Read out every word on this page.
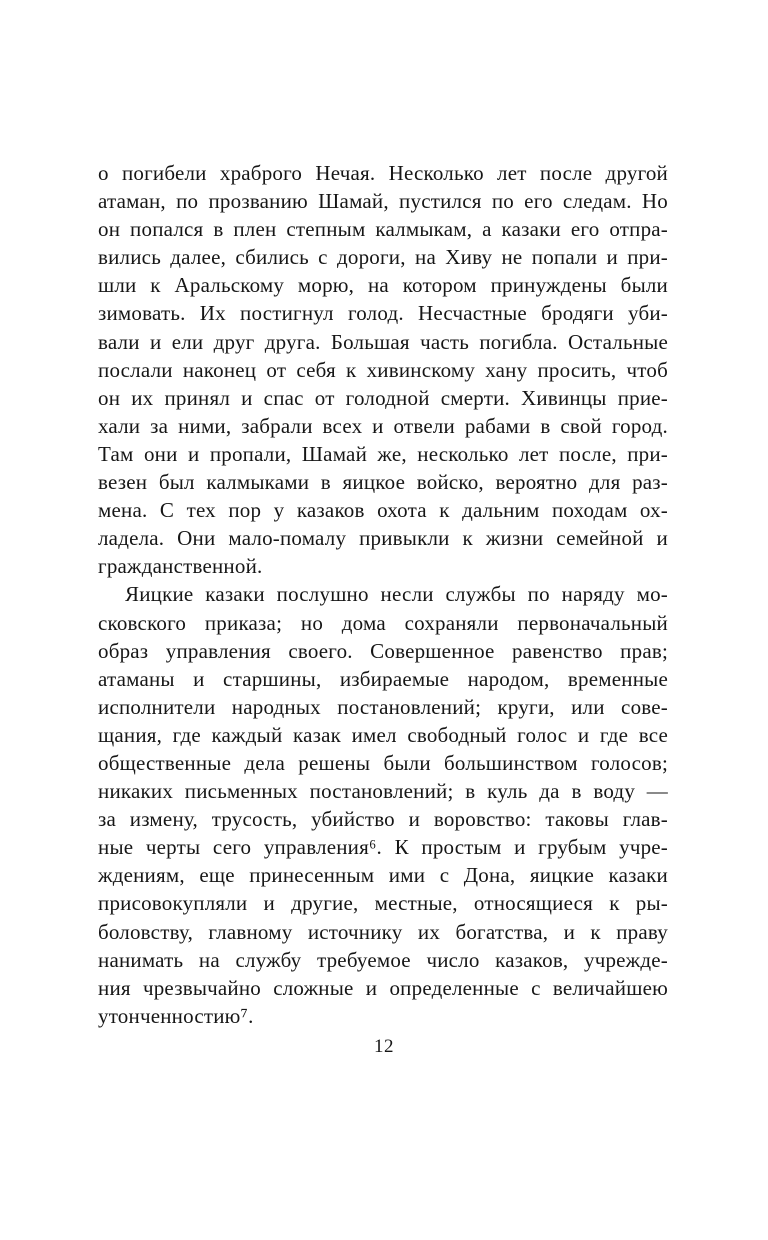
о погибели храброго Нечая. Несколько лет после другой
атаман, по прозванию Шамай, пустился по его следам. Но
он попался в плен степным калмыкам, а казаки его отпра-
вились далее, сбились с дороги, на Хиву не попали и при-
шли к Аральскому морю, на котором принуждены были
зимовать. Их постигнул голод. Несчастные бродяги уби-
вали и ели друг друга. Большая часть погибла. Остальные
послали наконец от себя к хивинскому хану просить, чтоб
он их принял и спас от голодной смерти. Хивинцы прие-
хали за ними, забрали всех и отвели рабами в свой город.
Там они и пропали, Шамай же, несколько лет после, при-
везен был калмыками в яицкое войско, вероятно для раз-
мена. С тех пор у казаков охота к дальним походам ох-
ладела. Они мало-помалу привыкли к жизни семейной и
гражданственной.
Яицкие казаки послушно несли службы по наряду мо-
сковского приказа; но дома сохраняли первоначальный
образ управления своего. Совершенное равенство прав;
атаманы и старшины, избираемые народом, временные
исполнители народных постановлений; круги, или сове-
щания, где каждый казак имел свободный голос и где все
общественные дела решены были большинством голосов;
никаких письменных постановлений; в куль да в воду —
за измену, трусость, убийство и воровство: таковы глав-
ные черты сего управления⁶. К простым и грубым учре-
ждениям, еще принесенным ими с Дона, яицкие казаки
присовокупляли и другие, местные, относящиеся к ры-
боловству, главному источнику их богатства, и к праву
нанимать на службу требуемое число казаков, учрежде-
ния чрезвычайно сложные и определенные с величайшею
утонченностию⁷.
12
